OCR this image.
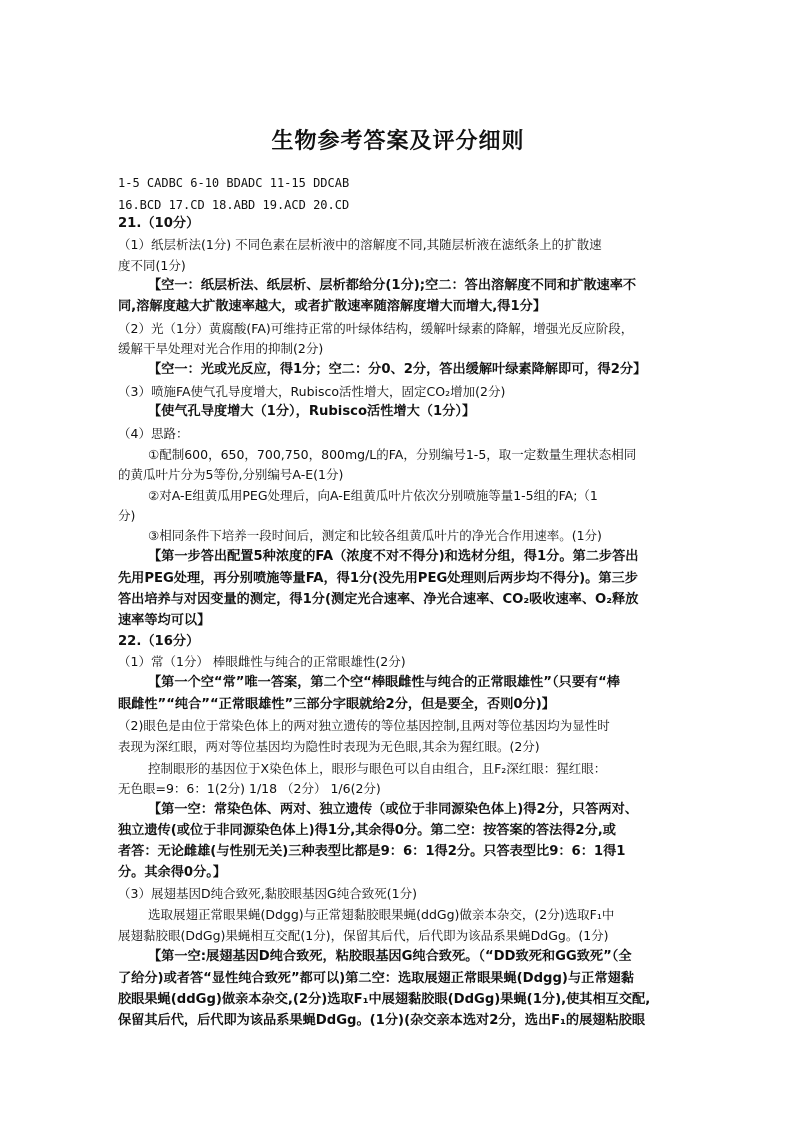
生物参考答案及评分细则
1-5 CADBC 6-10 BDADC 11-15 DDCAB
16.BCD 17.CD 18.ABD 19.ACD 20.CD
21.（10分）
（1）纸层析法(1分) 不同色素在层析液中的溶解度不同,其随层析液在滤纸条上的扩散速
度不同(1分)
【空一：纸层析法、纸层析、层析都给分(1分);空二：答出溶解度不同和扩散速率不
同,溶解度越大扩散速率越大，或者扩散速率随溶解度增大而增大,得1分】
（2）光（1分）黄腐酸(FA)可维持正常的叶绿体结构，缓解叶绿素的降解，增强光反应阶段，
缓解干旱处理对光合作用的抑制(2分)
【空一：光或光反应，得1分；空二：分0、2分，答出缓解叶绿素降解即可，得2分】
（3）喷施FA使气孔导度增大，Rubisco活性增大，固定CO₂增加(2分)
【使气孔导度增大（1分），Rubisco活性增大（1分）】
（4）思路：
①配制600，650，700,750，800mg/L的FA，分别编号1-5，取一定数量生理状态相同
的黄瓜叶片分为5等份,分别编号A-E(1分)
②对A-E组黄瓜用PEG处理后，向A-E组黄瓜叶片依次分别喷施等量1-5组的FA;（1
分)
③相同条件下培养一段时间后，测定和比较各组黄瓜叶片的净光合作用速率。(1分)
【第一步答出配置5种浓度的FA（浓度不对不得分)和选材分组，得1分。第二步答出
先用PEG处理，再分别喷施等量FA，得1分(没先用PEG处理则后两步均不得分)。第三步
答出培养与对因变量的测定，得1分(测定光合速率、净光合速率、CO₂吸收速率、O₂释放
速率等均可以】
22.（16分）
（1）常（1分） 棒眼雌性与纯合的正常眼雄性(2分)
【第一个空“常”唯一答案，第二个空“棒眼雌性与纯合的正常眼雄性”（只要有“棒
眼雌性”“纯合”“正常眼雄性”三部分字眼就给2分，但是要全，否则0分)】
（2)眼色是由位于常染色体上的两对独立遗传的等位基因控制,且两对等位基因均为显性时
表现为深红眼，两对等位基因均为隐性时表现为无色眼,其余为猩红眼。(2分)
控制眼形的基因位于X染色体上，眼形与眼色可以自由组合，且F₂深红眼：猩红眼：
无色眼=9：6：1(2分) 1/18 （2分） 1/6(2分)
【第一空：常染色体、两对、独立遗传（或位于非同源染色体上)得2分，只答两对、
独立遗传(或位于非同源染色体上)得1分,其余得0分。第二空：按答案的答法得2分,或
者答：无论雌雄(与性别无关)三种表型比都是9：6：1得2分。只答表型比9：6：1得1
分。其余得0分。】
（3）展翅基因D纯合致死,黏胶眼基因G纯合致死(1分)
选取展翅正常眼果蝇(Ddgg)与正常翅黏胶眼果蝇(ddGg)做亲本杂交，(2分)选取F₁中
展翅黏胶眼(DdGg)果蝇相互交配(1分)，保留其后代，后代即为该品系果蝇DdGg。(1分)
【第一空:展翅基因D纯合致死，粘胶眼基因G纯合致死。（“DD致死和GG致死”（全
了给分)或者答“显性纯合致死”都可以)第二空：选取展翅正常眼果蝇(Ddgg)与正常翅黏
胶眼果蝇(ddGg)做亲本杂交,(2分)选取F₁中展翅黏胶眼(DdGg)果蝇(1分),使其相互交配,
保留其后代，后代即为该品系果蝇DdGg。(1分)(杂交亲本选对2分，选出F₁的展翅粘胶眼
